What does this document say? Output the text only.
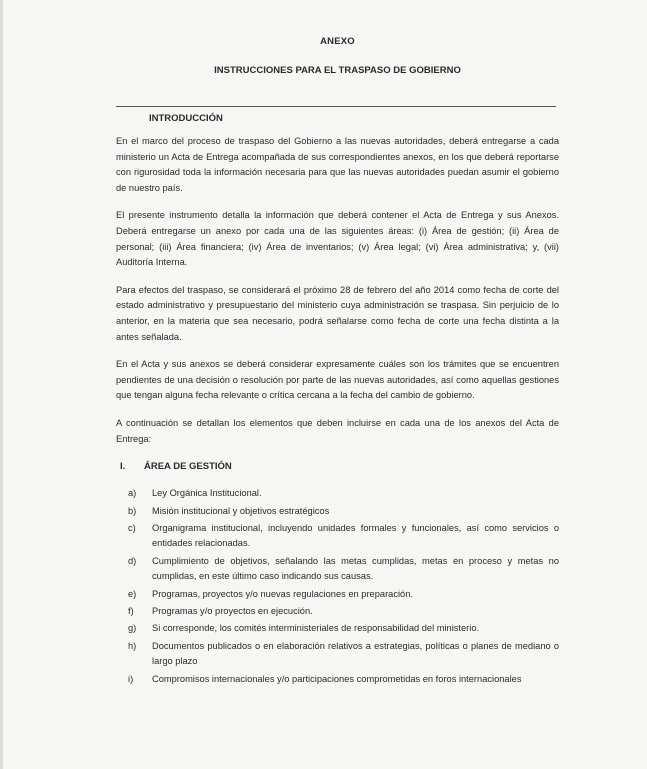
ANEXO
INSTRUCCIONES PARA EL TRASPASO DE GOBIERNO
INTRODUCCIÓN

En el marco del proceso de traspaso del Gobierno a las nuevas autoridades, deberá entregarse a cada ministerio un Acta de Entrega acompañada de sus correspondientes anexos, en los que deberá reportarse con rigurosidad toda la información necesaria para que las nuevas autoridades puedan asumir el gobierno de nuestro país.

El presente instrumento detalla la información que deberá contener el Acta de Entrega y sus Anexos. Deberá entregarse un anexo por cada una de las siguientes áreas: (i) Área de gestión; (ii) Área de personal; (iii) Área financiera; (iv) Área de inventarios; (v) Área legal; (vi) Área administrativa; y, (vii) Auditoría Interna.

Para efectos del traspaso, se considerará el próximo 28 de febrero del año 2014 como fecha de corte del estado administrativo y presupuestario del ministerio cuya administración se traspasa. Sin perjuicio de lo anterior, en la materia que sea necesario, podrá señalarse como fecha de corte una fecha distinta a la antes señalada.

En el Acta y sus anexos se deberá considerar expresamente cuáles son los trámites que se encuentren pendientes de una decisión o resolución por parte de las nuevas autoridades, así como aquellas gestiones que tengan alguna fecha relevante o crítica cercana a la fecha del cambio de gobierno.

A continuación se detallan los elementos que deben incluirse en cada una de los anexos del Acta de Entrega:

I.	ÁREA DE GESTIÓN
a)	Ley Orgánica Institucional.
b)	Misión institucional y objetivos estratégicos
c)	Organigrama institucional, incluyendo unidades formales y funcionales, así como servicios o entidades relacionadas.
d)	Cumplimiento de objetivos, señalando las metas cumplidas, metas en proceso y metas no cumplidas, en este último caso indicando sus causas.
e)	Programas, proyectos y/o nuevas regulaciones en preparación.
f)	Programas y/o proyectos en ejecución.
g)	Si corresponde, los comités interministeriales de responsabilidad del ministerio.
h)	Documentos publicados o en elaboración relativos a estrategias, políticas o planes de mediano o largo plazo
i)	Compromisos internacionales y/o participaciones comprometidas en foros internacionales
